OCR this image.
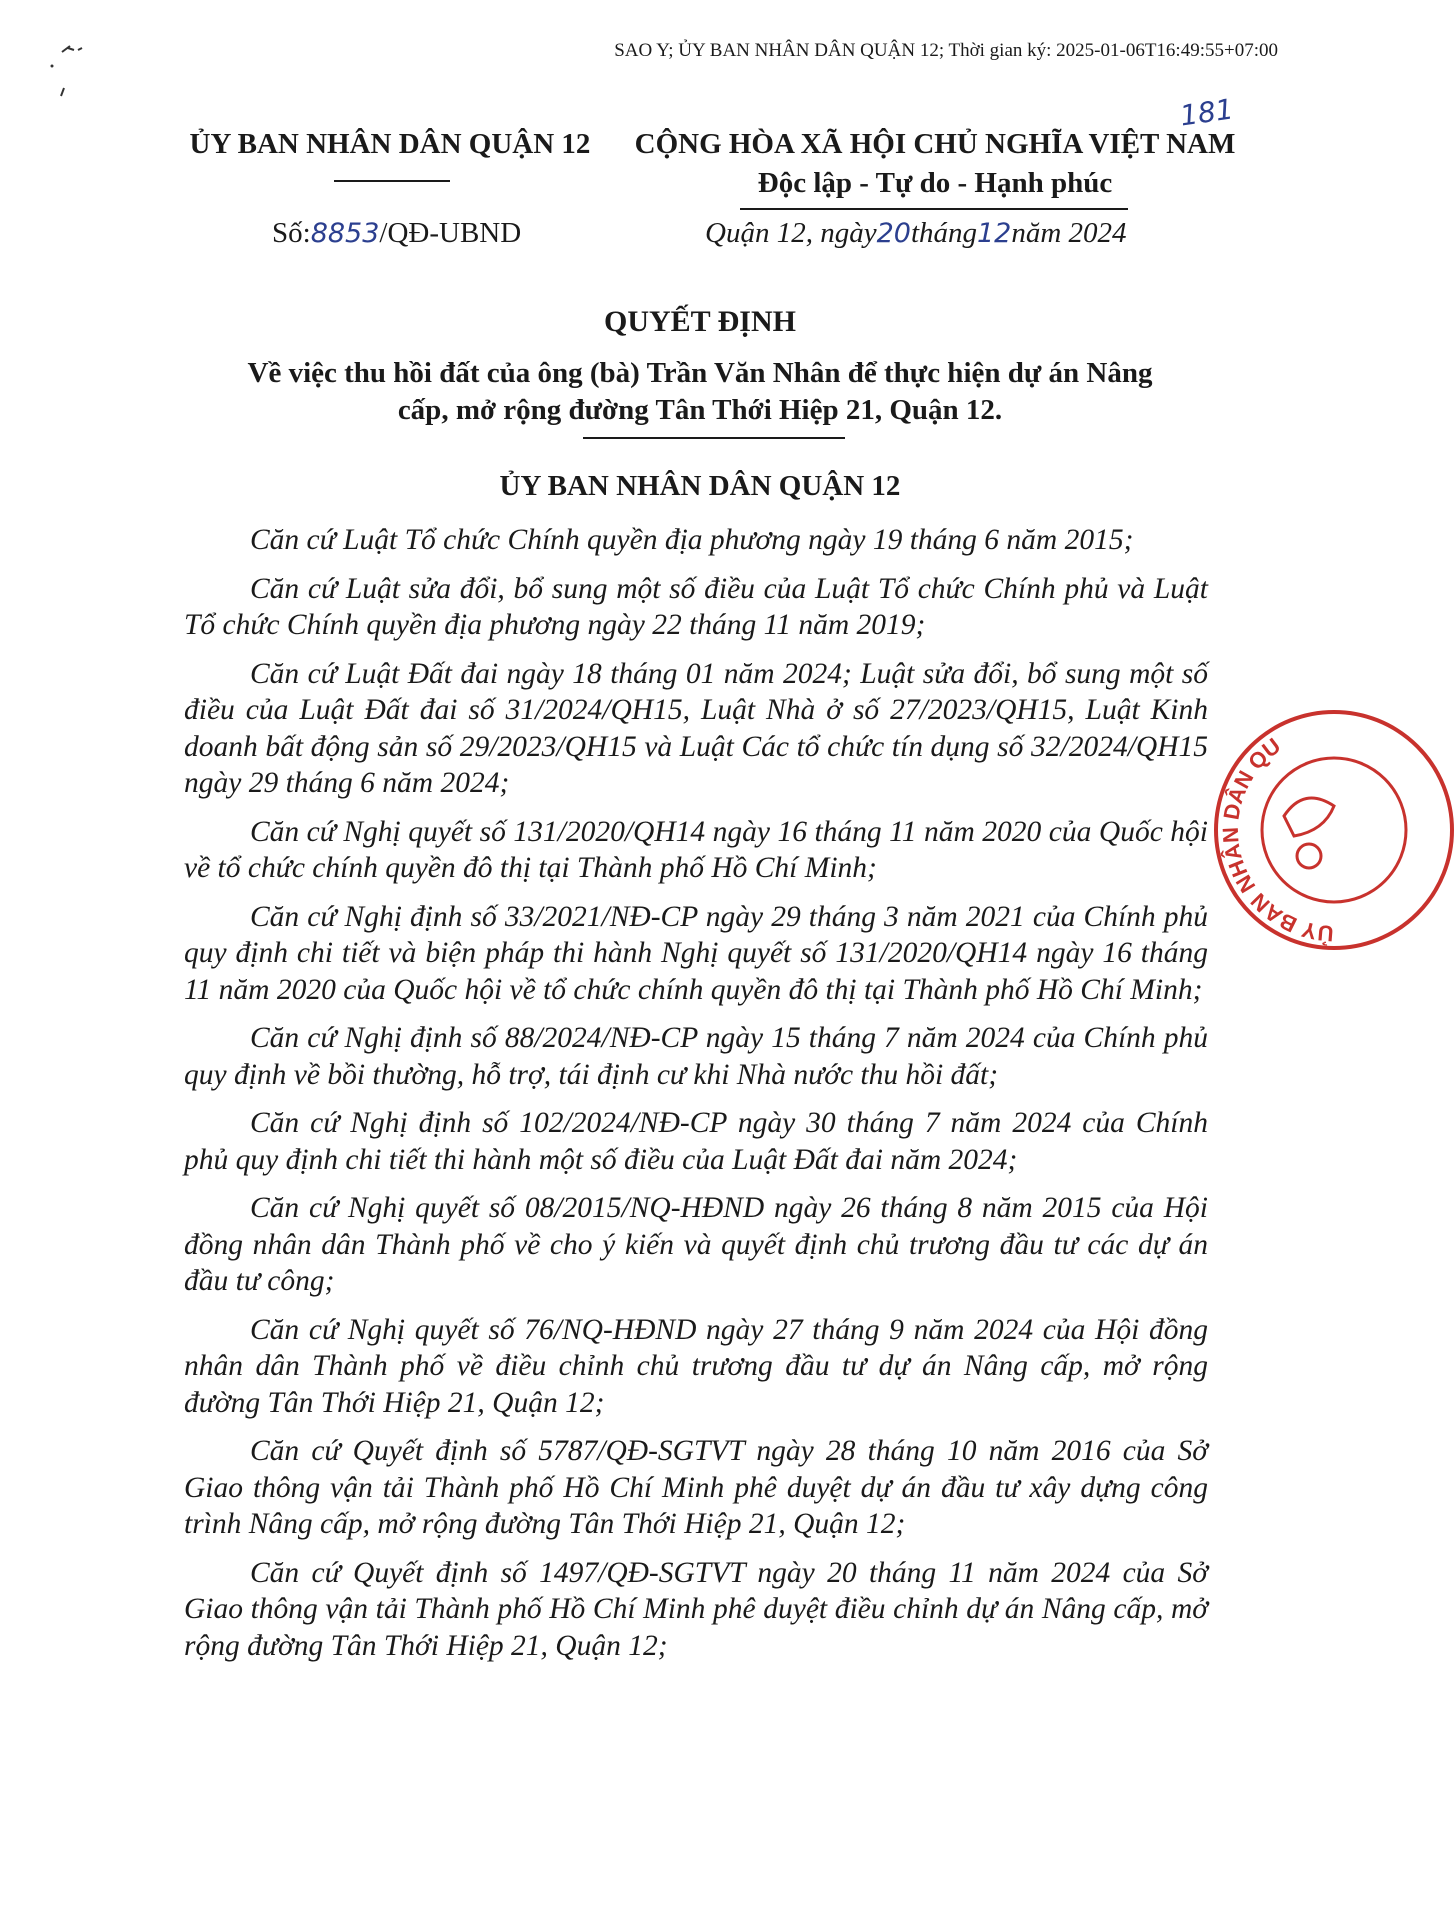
SAO Y; ỦY BAN NHÂN DÂN QUẬN 12; Thời gian ký: 2025-01-06T16:49:55+07:00
181
ỦY BAN NHÂN DÂN QUẬN 12	CỘNG HÒA XÃ HỘI CHỦ NGHĨA VIỆT NAM
Độc lập - Tự do - Hạnh phúc
Số:8853/QĐ-UBND	Quận 12, ngày20tháng12năm 2024
QUYẾT ĐỊNH
Về việc thu hồi đất của ông (bà) Trần Văn Nhân để thực hiện dự án Nâng
cấp, mở rộng đường Tân Thới Hiệp 21, Quận 12.
ỦY BAN NHÂN DÂN QUẬN 12

Căn cứ Luật Tổ chức Chính quyền địa phương ngày 19 tháng 6 năm 2015;

Căn cứ Luật sửa đổi, bổ sung một số điều của Luật Tổ chức Chính phủ và Luật Tổ chức Chính quyền địa phương ngày 22 tháng 11 năm 2019;

Căn cứ Luật Đất đai ngày 18 tháng 01 năm 2024; Luật sửa đổi, bổ sung một số điều của Luật Đất đai số 31/2024/QH15, Luật Nhà ở số 27/2023/QH15, Luật Kinh doanh bất động sản số 29/2023/QH15 và Luật Các tổ chức tín dụng số 32/2024/QH15 ngày 29 tháng 6 năm 2024;

Căn cứ Nghị quyết số 131/2020/QH14 ngày 16 tháng 11 năm 2020 của Quốc hội về tổ chức chính quyền đô thị tại Thành phố Hồ Chí Minh;

Căn cứ Nghị định số 33/2021/NĐ-CP ngày 29 tháng 3 năm 2021 của Chính phủ quy định chi tiết và biện pháp thi hành Nghị quyết số 131/2020/QH14 ngày 16 tháng 11 năm 2020 của Quốc hội về tổ chức chính quyền đô thị tại Thành phố Hồ Chí Minh;

Căn cứ Nghị định số 88/2024/NĐ-CP ngày 15 tháng 7 năm 2024 của Chính phủ quy định về bồi thường, hỗ trợ, tái định cư khi Nhà nước thu hồi đất;

Căn cứ Nghị định số 102/2024/NĐ-CP ngày 30 tháng 7 năm 2024 của Chính phủ quy định chi tiết thi hành một số điều của Luật Đất đai năm 2024;

Căn cứ Nghị quyết số 08/2015/NQ-HĐND ngày 26 tháng 8 năm 2015 của Hội đồng nhân dân Thành phố về cho ý kiến và quyết định chủ trương đầu tư các dự án đầu tư công;

Căn cứ Nghị quyết số 76/NQ-HĐND ngày 27 tháng 9 năm 2024 của Hội đồng nhân dân Thành phố về điều chỉnh chủ trương đầu tư dự án Nâng cấp, mở rộng đường Tân Thới Hiệp 21, Quận 12;

Căn cứ Quyết định số 5787/QĐ-SGTVT ngày 28 tháng 10 năm 2016 của Sở Giao thông vận tải Thành phố Hồ Chí Minh phê duyệt dự án đầu tư xây dựng công trình Nâng cấp, mở rộng đường Tân Thới Hiệp 21, Quận 12;

Căn cứ Quyết định số 1497/QĐ-SGTVT ngày 20 tháng 11 năm 2024 của Sở Giao thông vận tải Thành phố Hồ Chí Minh phê duyệt điều chỉnh dự án Nâng cấp, mở rộng đường Tân Thới Hiệp 21, Quận 12;

ỦY BAN NHÂN DÂN QU
